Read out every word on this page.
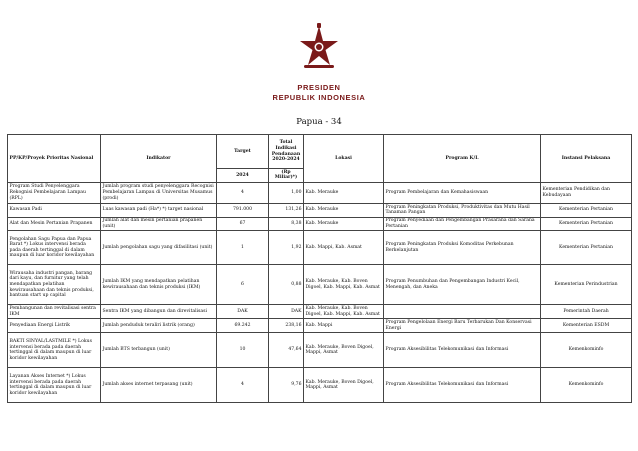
PRESIDEN
REPUBLIK INDONESIA
Papua - 34
PP/KP/Proyek Prioritas Nasional	Indikator	Target	Total Indikasi Pendanaan 2020-2024	Lokasi	Program K/L	Instansi Pelaksana
		2024	(Rp Miliar)*)			
Program Studi Penyelenggara Rekognisi Pembelajaran Lampau (RPL)	Jumlah program studi penyelenggara Recognisi Pembelajaran Lampau di Universitas Musamus (prodi)	4	1,00	Kab. Merauke	Program Pembelajaran dan Kemahasiswaan	Kementerian Pendidikan dan Kebudayaan
Kawasan Padi	Luas kawasan padi (Ha*) *) target nasional	791.000	131,26	Kab. Merauke	Program Peningkatan Produksi, Produktivitas dan Mutu Hasil Tanaman Pangan	Kementerian Pertanian
Alat dan Mesin Pertanian Prapanen	Jumlah alat dan mesin pertanian prapanen (unit)	67	8,38	Kab. Merauke	Program Penyediaan dan Pengembangan Prasarana dan Sarana Pertanian	Kementerian Pertanian
Pengolahan Sagu Papua dan Papua Barat *) Lokus intervensi berada pada daerah tertinggal di dalam maupun di luar koridor kewilayahan	Jumlah pengolahan sagu yang difasilitasi (unit)	1	1,92	Kab. Mappi, Kab. Asmat	Program Peningkatan Produksi Komoditas Perkebunan Berkelanjutan	Kementerian Pertanian
Wirausaha industri pangan, barang dari kayu, dan furnitur yang telah mendapatkan pelatihan kewirausahaan dan teknis produksi, bantuan start up capital	Jumlah IKM yang mendapatkan pelatihan kewirausahaan dan teknis produksi (IKM)	6	0,88	Kab. Merauke, Kab. Boven Digoel, Kab. Mappi, Kab. Asmat	Program Penumbuhan dan Pengembangan Industri Kecil, Menengah, dan Aneka	Kementerian Perindustrian
Pembangunan dan revitalisasi sentra IKM	Sentra IKM yang dibangun dan direvitalisasi	DAK	DAK	Kab. Merauke, Kab. Boven Digoel, Kab. Mappi, Kab. Asmat		Pemerintah Daerah
Penyediaan Energi Listrik	Jumlah penduduk teraliri listrik (orang)	69.242	238,16	Kab. Mappi	Program Pengelolaan Energi Baru Terbarukan Dan Konservasi Energi	Kementerian ESDM
BAKTI SINYAL/LASTMILE *) Lokus intervensi berada pada daerah tertinggal di dalam maupun di luar koridor kewilayahan	Jumlah BTS terbangun (unit)	10	47,64	Kab. Merauke, Boven Digoel, Mappi, Asmat	Program Aksesibilitas Telekomunikasi dan Informasi	Kemenkominfo
Layanan Akses Internet *) Lokus intervensi berada pada daerah tertinggal di dalam maupun di luar koridor kewilayahan	Jumlah akses internet terpasang (unit)	4	9,76	Kab. Merauke, Boven Digoel, Mappi, Asmat	Program Aksesibilitas Telekomunikasi dan Informasi	Kemenkominfo
